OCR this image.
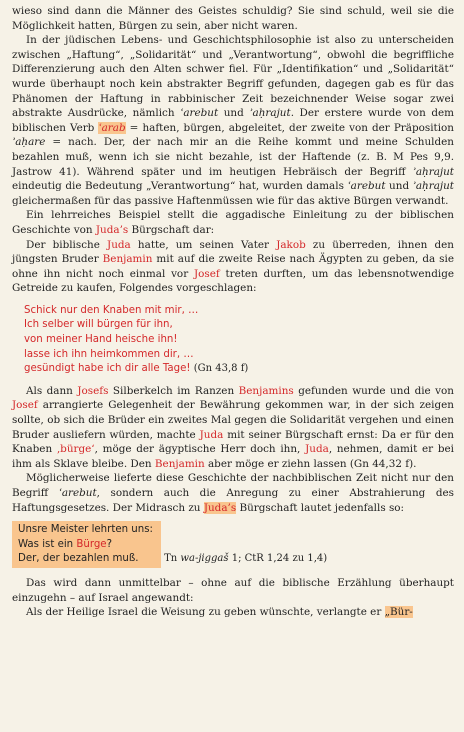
wieso sind dann die Männer des Geistes schuldig? Sie sind schuld, weil sie die Möglichkeit hatten, Bürgen zu sein, aber nicht waren.

In der jüdischen Lebens- und Geschichtsphilosophie ist also zu unterscheiden zwischen „Haftung“, „Solidarität“ und „Verantwortung“, obwohl die begriffliche Differenzierung auch den Alten schwer fiel. Für „Identifikation“ und „Solidarität“ wurde überhaupt noch kein abstrakter Begriff gefunden, dagegen gab es für das Phänomen der Haftung in rabbinischer Zeit bezeichnender Weise sogar zwei abstrakte Ausdrücke, nämlich ʿarebut und ʾaḥrajut. Der erstere wurde von dem biblischen Verb ʿarab = haften, bürgen, abgeleitet, der zweite von der Präposition ʾaḥare = nach. Der, der nach mir an die Reihe kommt und meine Schulden bezahlen muß, wenn ich sie nicht bezahle, ist der Haftende (z. B. M Pes 9,9. Jastrow 41). Während später und im heutigen Hebräisch der Begriff ʾaḥrajut eindeutig die Bedeutung „Verantwortung“ hat, wurden damals ʿarebut und ʾaḥrajut gleichermaßen für das passive Haftenmüssen wie für das aktive Bürgen verwandt.

Ein lehrreiches Beispiel stellt die aggadische Einleitung zu der biblischen Geschichte von Juda’s Bürgschaft dar:

Der biblische Juda hatte, um seinen Vater Jakob zu überreden, ihnen den jüngsten Bruder Benjamin mit auf die zweite Reise nach Ägypten zu geben, da sie ohne ihn nicht noch einmal vor Josef treten durften, um das lebensnotwendige Getreide zu kaufen, Folgendes vorgeschlagen:

Schick nur den Knaben mit mir, …
Ich selber will bürgen für ihn,
von meiner Hand heische ihn!
lasse ich ihn heimkommen dir, …
gesündigt habe ich dir alle Tage! (Gn 43,8 f)

Als dann Josefs Silberkelch im Ranzen Benjamins gefunden wurde und die von Josef arrangierte Gelegenheit der Bewährung gekommen war, in der sich zeigen sollte, ob sich die Brüder ein zweites Mal gegen die Solidarität vergehen und einen Bruder ausliefern würden, machte Juda mit seiner Bürgschaft ernst: Da er für den Knaben ‚bürge‘, möge der ägyptische Herr doch ihn, Juda, nehmen, damit er bei ihm als Sklave bleibe. Den Benjamin aber möge er ziehn lassen (Gn 44,32 f).

Möglicherweise lieferte diese Geschichte der nachbiblischen Zeit nicht nur den Begriff ʿarebut, sondern auch die Anregung zu einer Abstrahierung des Haftungsgesetzes. Der Midrasch zu Juda’s Bürgschaft lautet jedenfalls so:

Unsre Meister lehrten uns:
Was ist ein Bürge?
Der, der bezahlen muß.	Tn wa-jiggaš 1; CtR 1,24 zu 1,4)

Das wird dann unmittelbar – ohne auf die biblische Erzählung überhaupt einzugehn – auf Israel angewandt:

Als der Heilige Israel die Weisung zu geben wünschte, verlangte er „Bür-
